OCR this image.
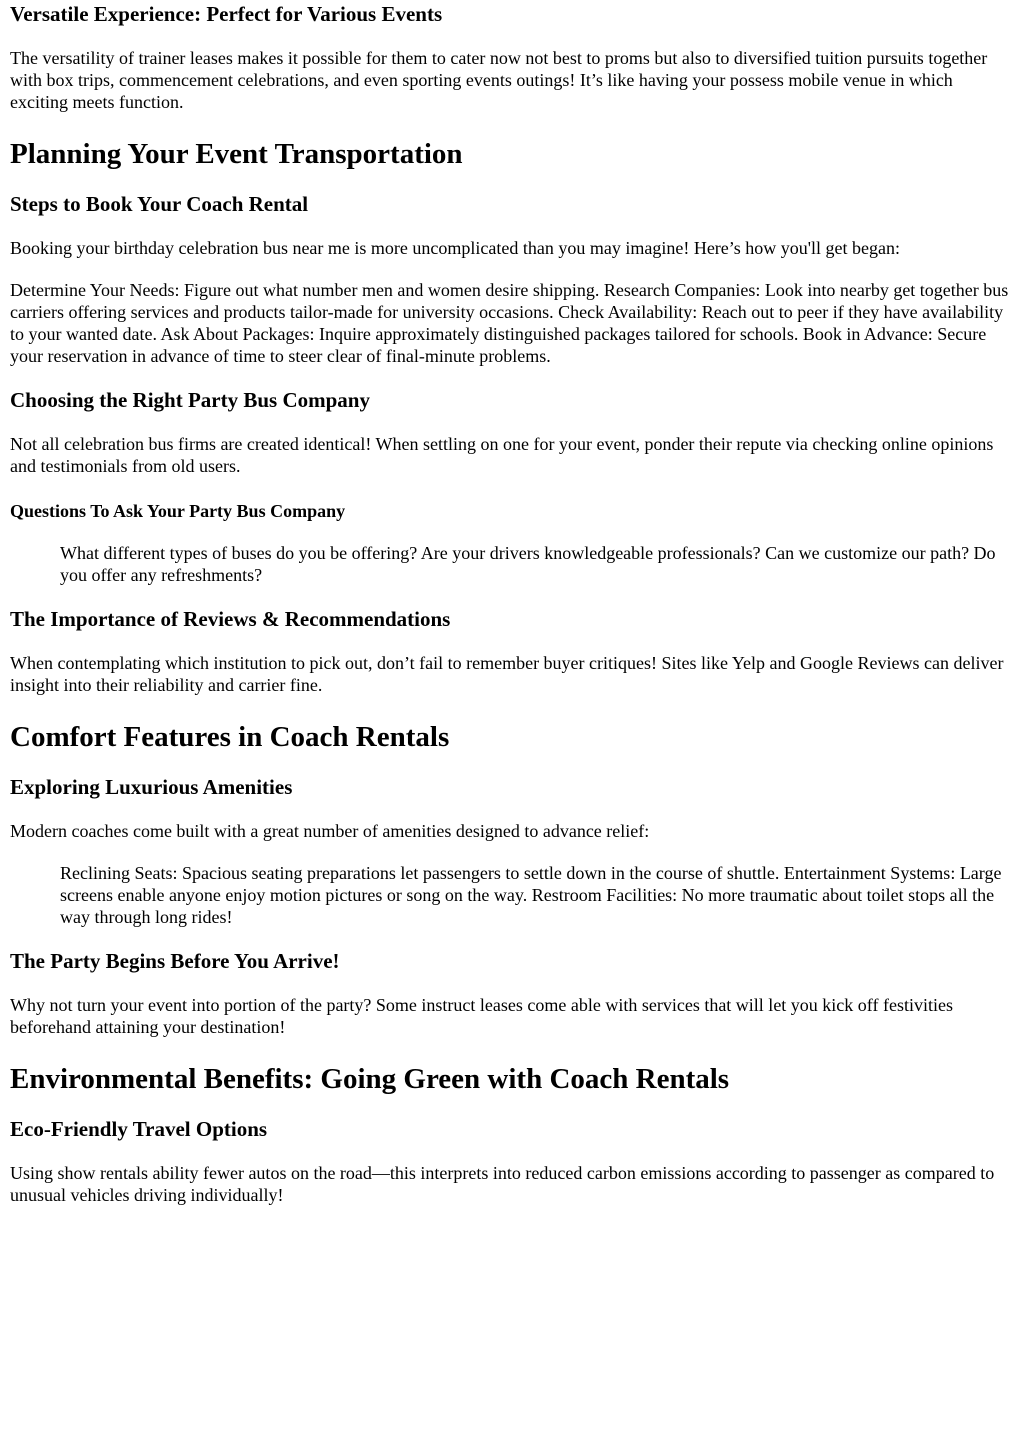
Versatile Experience: Perfect for Various Events

The versatility of trainer leases makes it possible for them to cater now not best to proms but also to diversified tuition pursuits together with box trips, commencement celebrations, and even sporting events outings! It’s like having your possess mobile venue in which exciting meets function.

Planning Your Event Transportation
Steps to Book Your Coach Rental

Booking your birthday celebration bus near me is more uncomplicated than you may imagine! Here’s how you'll get began:

Determine Your Needs: Figure out what number men and women desire shipping. Research Companies: Look into nearby get together bus carriers offering services and products tailor-made for university occasions. Check Availability: Reach out to peer if they have availability to your wanted date. Ask About Packages: Inquire approximately distinguished packages tailored for schools. Book in Advance: Secure your reservation in advance of time to steer clear of final-minute problems.

Choosing the Right Party Bus Company

Not all celebration bus firms are created identical! When settling on one for your event, ponder their repute via checking online opinions and testimonials from old users.

Questions To Ask Your Party Bus Company
What different types of buses do you be offering? Are your drivers knowledgeable professionals? Can we customize our path? Do you offer any refreshments?
The Importance of Reviews & Recommendations

When contemplating which institution to pick out, don’t fail to remember buyer critiques! Sites like Yelp and Google Reviews can deliver insight into their reliability and carrier fine.

Comfort Features in Coach Rentals
Exploring Luxurious Amenities

Modern coaches come built with a great number of amenities designed to advance relief:

Reclining Seats: Spacious seating preparations let passengers to settle down in the course of shuttle. Entertainment Systems: Large screens enable anyone enjoy motion pictures or song on the way. Restroom Facilities: No more traumatic about toilet stops all the way through long rides!
The Party Begins Before You Arrive!

Why not turn your event into portion of the party? Some instruct leases come able with services that will let you kick off festivities beforehand attaining your destination!

Environmental Benefits: Going Green with Coach Rentals
Eco-Friendly Travel Options

Using show rentals ability fewer autos on the road—this interprets into reduced carbon emissions according to passenger as compared to unusual vehicles driving individually!
